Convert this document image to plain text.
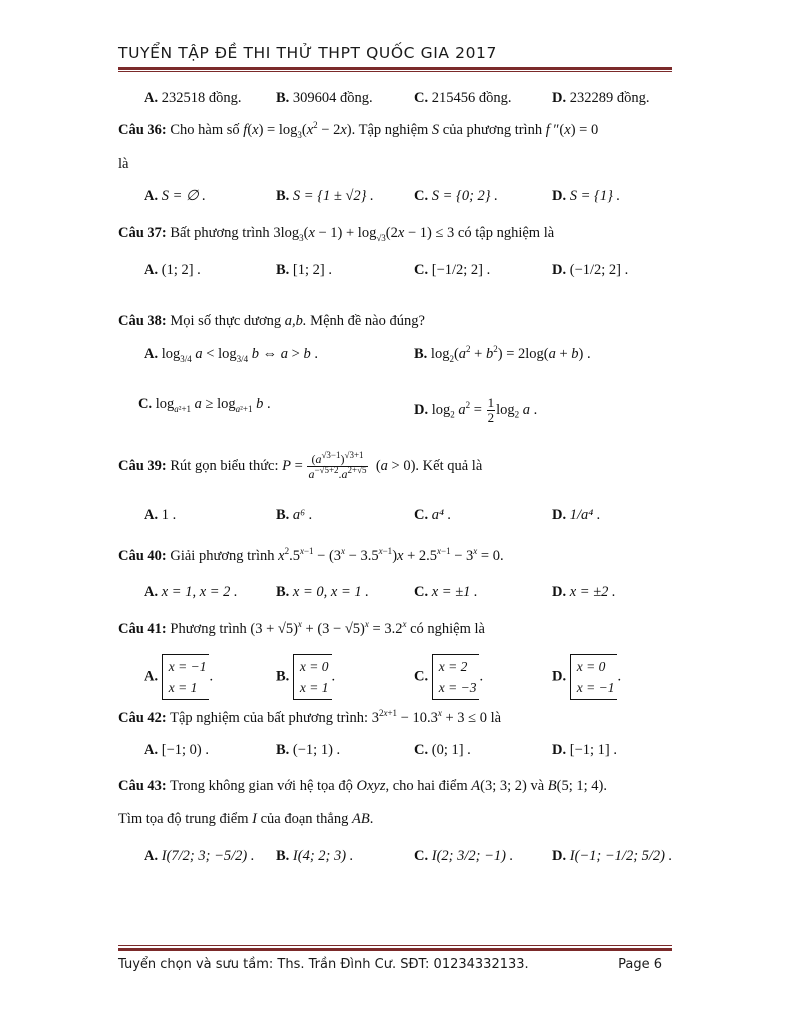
TUYỂN TẬP ĐỀ THI THỬ THPT QUỐC GIA 2017
A. 232518 đồng. B. 309604 đồng.	C. 215456 đồng.	D. 232289 đồng.
Câu 36: Cho hàm số $f(x) = \log_3(x^2 - 2x)$. Tập nghiệm S của phương trình f ″(x) = 0
là
A. S = ∅ .	B. S = {1 ± √2} .	C. S = {0; 2} .	D. S = {1} .
Câu 37: Bất phương trình $3\log_3(x - 1) + \log_{√3}(2x - 1) \le 3$ có tập nghiệm là
A. (1; 2] .	B. [1; 2] .	C. [−1/2; 2] .	D. (−1/2; 2] .
Câu 38: Mọi số thực dương a,b. Mệnh đề nào đúng?
A. $\log_{3/4} a < \log_{3/4} b$ ⇔ a > b .	B. $\log_2(a^2 + b^2) = 2\log(a + b)$ .
C. $\log_{a^2+1} a \ge \log_{a^2+1} b$ .	D. $\log_2 a^2 = \frac{1}{2} \log_2 a$ .
Câu 39: Rút gọn biểu thức: $P = \frac{(a^{√3-1})^{√3+1}}{a^{-√5+2}.a^{2+√5}} (a > 0)$. Kết quả là
A. 1 .	B. a⁶ .	C. a⁴ .	D. 1/a⁴ .
Câu 40: Giải phương trình $x^2.5^{x-1} - (3^x - 3.5^{x-1})x + 2.5^{x-1} - 3^x = 0$.
A. x = 1, x = 2 .	B. x = 0, x = 1 .	C. x = ±1 .	D. x = ±2 .
Câu 41: Phương trình $(3 + √5)^x + (3 - √5)^x = 3.2^x$ có nghiệm là
A.
x = −1
x = 1
.	B.
x = 0
x = 1
.	C.
x = 2
x = −3
.	D.
x = 0
x = −1
.
Câu 42: Tập nghiệm của bất phương trình: $3^{2x+1} - 10.3^x + 3 \le 0$ là
A. [−1; 0) .	B. (−1; 1) .	C. (0; 1] .	D. [−1; 1] .
Câu 43: Trong không gian với hệ tọa độ Oxyz, cho hai điểm A(3; 3; 2) và B(5; 1; 4).
Tìm tọa độ trung điểm I của đoạn thẳng AB.
A. I(7/2; 3; −5/2) . B. I(4; 2; 3) .	C. I(2; 3/2; −1) .	D. I(−1; −1/2; 5/2) .
Tuyển chọn và sưu tầm: Ths. Trần Đình Cư. SĐT: 01234332133.	Page 6
